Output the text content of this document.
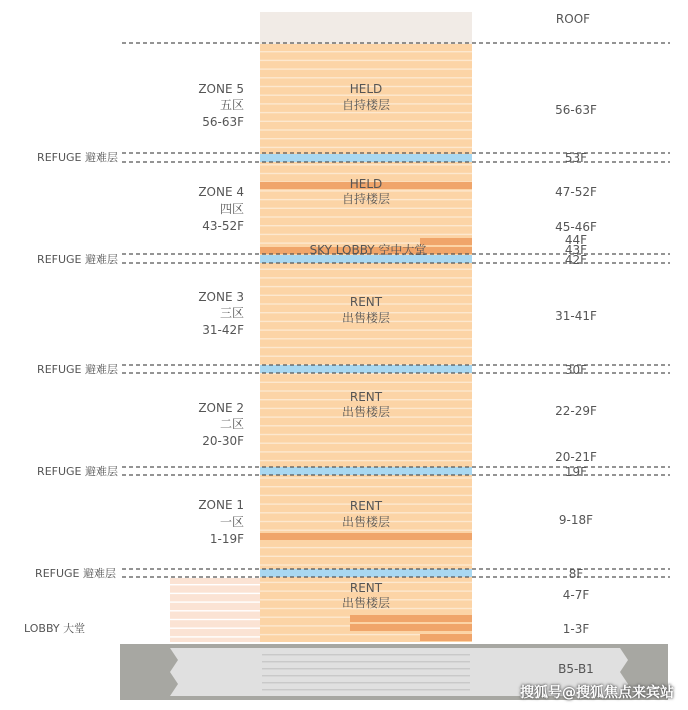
ROOF
ZONE 5
五区
56-63F
ZONE 4
四区
43-52F
ZONE 3
三区
31-42F
ZONE 2
二区
20-30F
ZONE 1
一区
1-19F
REFUGE 避难层
REFUGE 避难层
REFUGE 避难层
REFUGE 避难层
REFUGE 避难层
LOBBY 大堂
HELD
自持楼层
HELD
自持楼层
SKY LOBBY 空中大堂
RENT
出售楼层
RENT
出售楼层
RENT
出售楼层
RENT
出售楼层
56-63F
53F
47-52F
45-46F
44F
43F
42F
31-41F
30F
22-29F
20-21F
19F
9-18F
8F
4-7F
1-3F
B5-B1
搜狐号@搜狐焦点来宾站
